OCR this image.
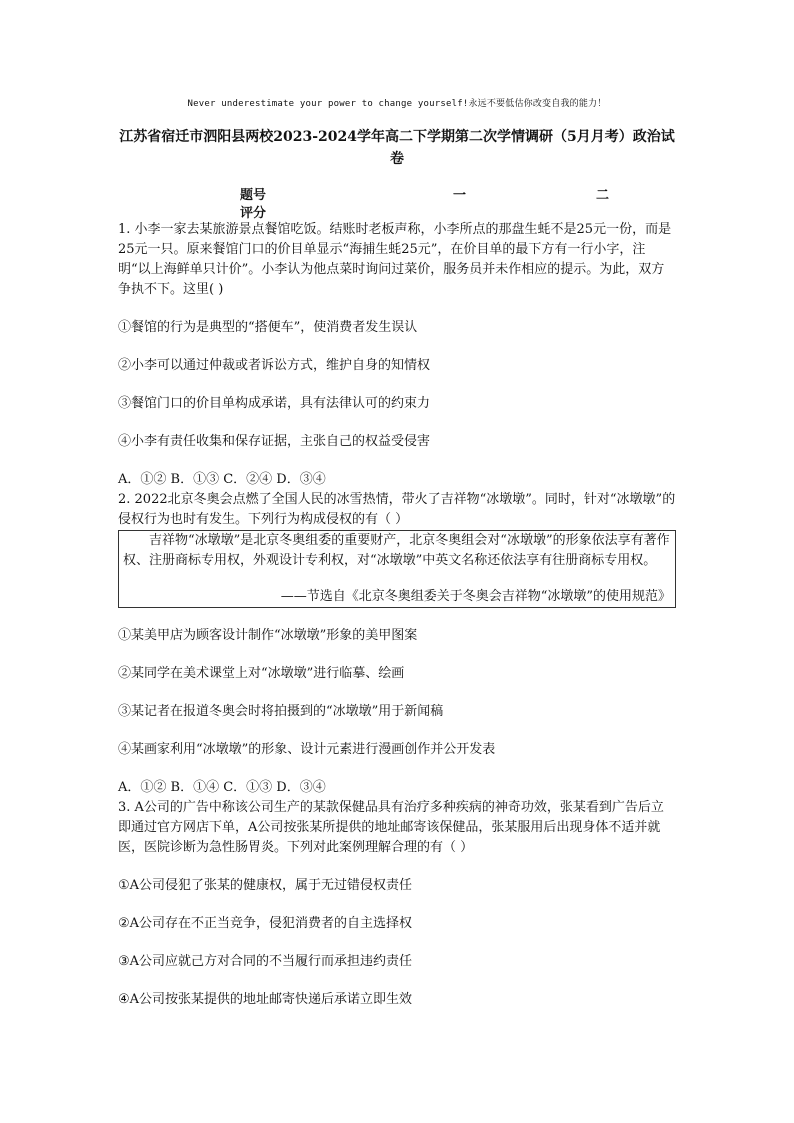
Never underestimate your power to change yourself!永远不要低估你改变自我的能力！
江苏省宿迁市泗阳县两校2023-2024学年高二下学期第二次学情调研（5月月考）政治试卷
题号	一	二
评分

1. 小李一家去某旅游景点餐馆吃饭。结账时老板声称，小李所点的那盘生蚝不是25元一份，而是25元一只。原来餐馆门口的价目单显示“海捕生蚝25元”，在价目单的最下方有一行小字，注明“以上海鲜单只计价”。小李认为他点菜时询问过菜价，服务员并未作相应的提示。为此，双方争执不下。这里( )

①餐馆的行为是典型的“搭便车”，使消费者发生误认

②小李可以通过仲裁或者诉讼方式，维护自身的知情权

③餐馆门口的价目单构成承诺，具有法律认可的约束力

④小李有责任收集和保存证据，主张自己的权益受侵害

A．①② B．①③ C．②④ D．③④

2. 2022北京冬奥会点燃了全国人民的冰雪热情，带火了吉祥物“冰墩墩”。同时，针对“冰墩墩”的侵权行为也时有发生。下列行为构成侵权的有（ ）

吉祥物“冰墩墩”是北京冬奥组委的重要财产，北京冬奥组会对“冰墩墩”的形象依法享有著作权、注册商标专用权，外观设计专利权，对“冰墩墩”中英文名称还依法享有往册商标专用权。

——节选自《北京冬奥组委关于冬奥会吉祥物“冰墩墩”的使用规范》

①某美甲店为顾客设计制作“冰墩墩”形象的美甲图案

②某同学在美术课堂上对“冰墩墩”进行临摹、绘画

③某记者在报道冬奥会时将拍摄到的“冰墩墩”用于新闻稿

④某画家利用“冰墩墩”的形象、设计元素进行漫画创作并公开发表

A．①② B．①④ C．①③ D．③④

3. A公司的广告中称该公司生产的某款保健品具有治疗多种疾病的神奇功效，张某看到广告后立即通过官方网店下单，A公司按张某所提供的地址邮寄该保健品，张某服用后出现身体不适并就医，医院诊断为急性肠胃炎。下列对此案例理解合理的有（ ）

①A公司侵犯了张某的健康权，属于无过错侵权责任

②A公司存在不正当竞争，侵犯消费者的自主选择权

③A公司应就己方对合同的不当履行而承担违约责任

④A公司按张某提供的地址邮寄快递后承诺立即生效
